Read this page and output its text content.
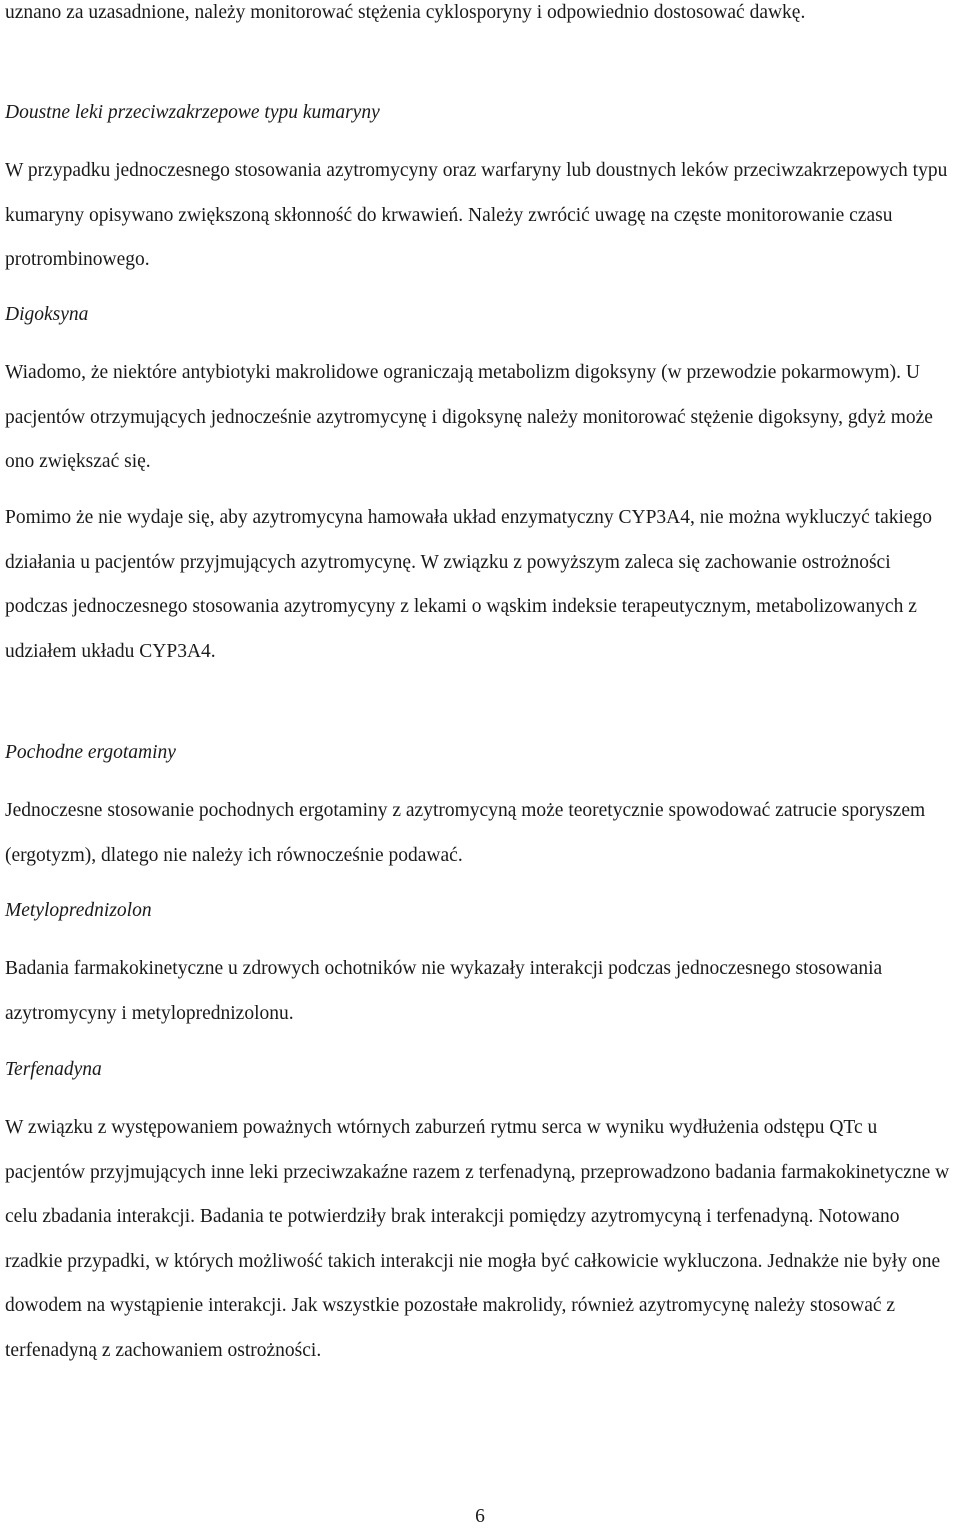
uznano za uzasadnione, należy monitorować stężenia cyklosporyny i odpowiednio dostosować dawkę.

Doustne leki przeciwzakrzepowe typu kumaryny

W przypadku jednoczesnego stosowania azytromycyny oraz warfaryny lub doustnych leków przeciwzakrzepowych typu kumaryny opisywano zwiększoną skłonność do krwawień. Należy zwrócić uwagę na częste monitorowanie czasu protrombinowego.

Digoksyna

Wiadomo, że niektóre antybiotyki makrolidowe ograniczają metabolizm digoksyny (w przewodzie pokarmowym). U pacjentów otrzymujących jednocześnie azytromycynę i digoksynę należy monitorować stężenie digoksyny, gdyż może ono zwiększać się.

Pomimo że nie wydaje się, aby azytromycyna hamowała układ enzymatyczny CYP3A4, nie można wykluczyć takiego działania u pacjentów przyjmujących azytromycynę. W związku z powyższym zaleca się zachowanie ostrożności podczas jednoczesnego stosowania azytromycyny z lekami o wąskim indeksie terapeutycznym, metabolizowanych z udziałem układu CYP3A4.

Pochodne ergotaminy

Jednoczesne stosowanie pochodnych ergotaminy z azytromycyną może teoretycznie spowodować zatrucie sporyszem (ergotyzm), dlatego nie należy ich równocześnie podawać.

Metyloprednizolon

Badania farmakokinetyczne u zdrowych ochotników nie wykazały interakcji podczas jednoczesnego stosowania azytromycyny i metyloprednizolonu.

Terfenadyna

W związku z występowaniem poważnych wtórnych zaburzeń rytmu serca w wyniku wydłużenia odstępu QTc u pacjentów przyjmujących inne leki przeciwzakaźne razem z terfenadyną, przeprowadzono badania farmakokinetyczne w celu zbadania interakcji. Badania te potwierdziły brak interakcji pomiędzy azytromycyną i terfenadyną. Notowano rzadkie przypadki, w których możliwość takich interakcji nie mogła być całkowicie wykluczona. Jednakże nie były one dowodem na wystąpienie interakcji. Jak wszystkie pozostałe makrolidy, również azytromycynę należy stosować z terfenadyną z zachowaniem ostrożności.

6
